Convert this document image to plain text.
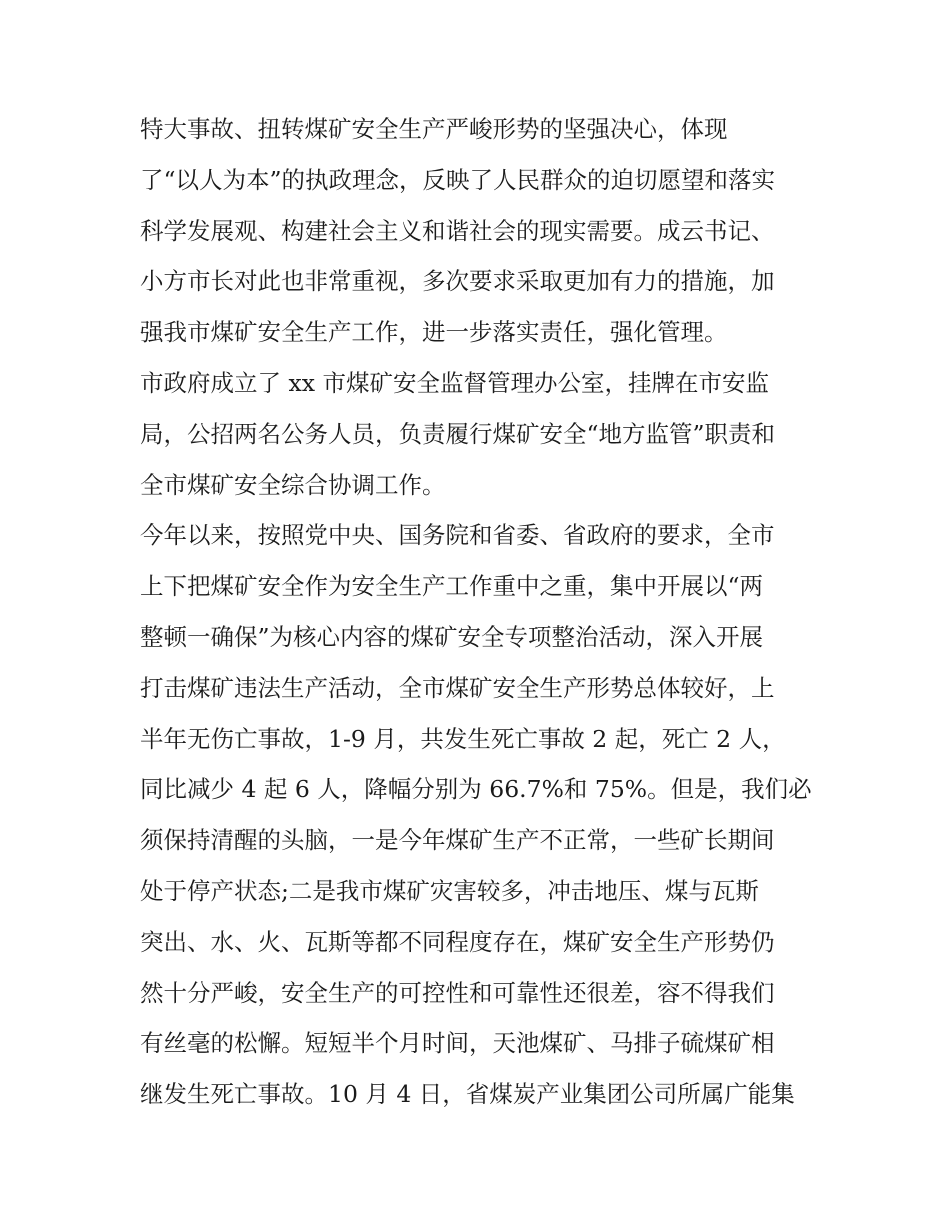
特大事故、扭转煤矿安全生产严峻形势的坚强决心，体现
了“以人为本”的执政理念，反映了人民群众的迫切愿望和落实
科学发展观、构建社会主义和谐社会的现实需要。成云书记、
小方市长对此也非常重视，多次要求采取更加有力的措施，加
强我市煤矿安全生产工作，进一步落实责任，强化管理。
市政府成立了 xx 市煤矿安全监督管理办公室，挂牌在市安监
局，公招两名公务人员，负责履行煤矿安全“地方监管”职责和
全市煤矿安全综合协调工作。
今年以来，按照党中央、国务院和省委、省政府的要求，全市
上下把煤矿安全作为安全生产工作重中之重，集中开展以“两
整顿一确保”为核心内容的煤矿安全专项整治活动，深入开展
打击煤矿违法生产活动，全市煤矿安全生产形势总体较好，上
半年无伤亡事故，1-9 月，共发生死亡事故 2 起，死亡 2 人，
同比减少 4 起 6 人，降幅分别为 66.7%和 75%。但是，我们必
须保持清醒的头脑，一是今年煤矿生产不正常，一些矿长期间
处于停产状态;二是我市煤矿灾害较多，冲击地压、煤与瓦斯
突出、水、火、瓦斯等都不同程度存在，煤矿安全生产形势仍
然十分严峻，安全生产的可控性和可靠性还很差，容不得我们
有丝毫的松懈。短短半个月时间，天池煤矿、马排子硫煤矿相
继发生死亡事故。10 月 4 日，省煤炭产业集团公司所属广能集
